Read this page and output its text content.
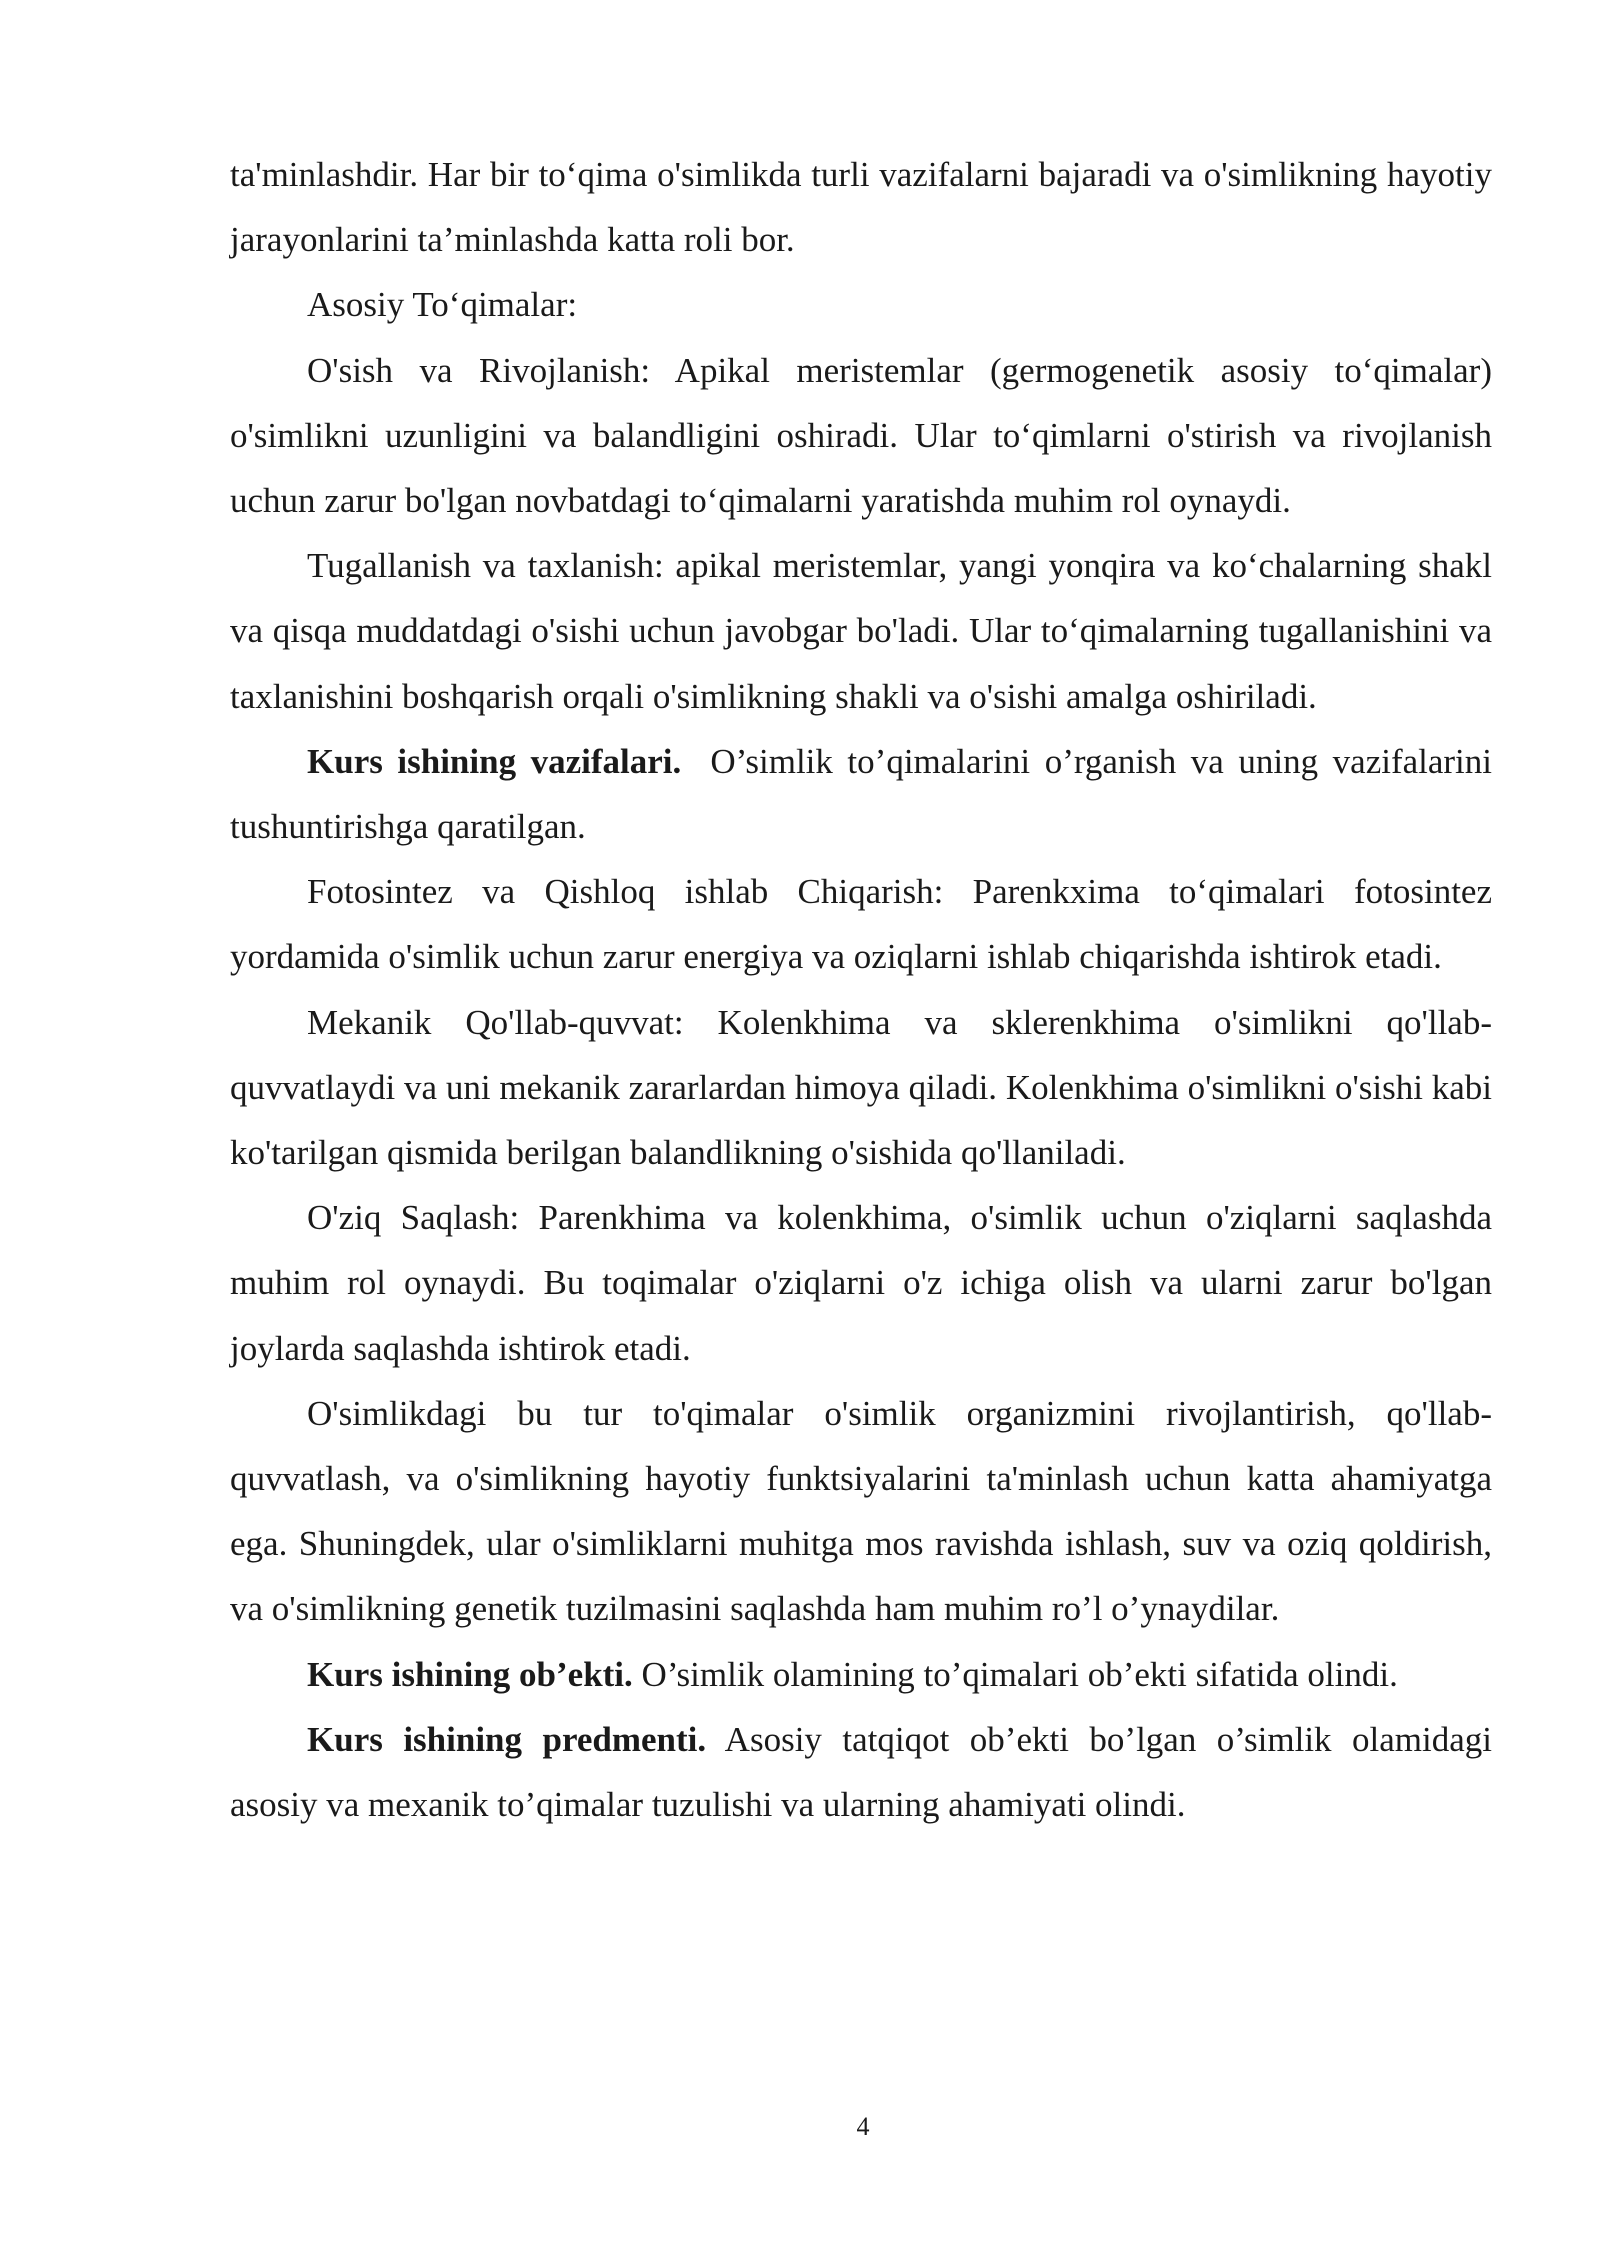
ta'minlashdir. Har bir to‘qima o'simlikda turli vazifalarni bajaradi va o'simlikning hayotiy jarayonlarini ta’minlashda katta roli bor.

Asosiy To‘qimalar:

O'sish va Rivojlanish: Apikal meristemlar (germogenetik asosiy to‘qimalar) o'simlikni uzunligini va balandligini oshiradi. Ular to‘qimlarni o'stirish va rivojlanish uchun zarur bo'lgan novbatdagi to‘qimalarni yaratishda muhim rol oynaydi.

Tugallanish va taxlanish: apikal meristemlar, yangi yonqira va ko‘chalarning shakl va qisqa muddatdagi o'sishi uchun javobgar bo'ladi. Ular to‘qimalarning tugallanishini va taxlanishini boshqarish orqali o'simlikning shakli va o'sishi amalga oshiriladi.

Kurs ishining vazifalari.  O’simlik to’qimalarini o’rganish va uning vazifalarini tushuntirishga qaratilgan.

Fotosintez va Qishloq ishlab Chiqarish: Parenkxima to‘qimalari fotosintez yordamida o'simlik uchun zarur energiya va oziqlarni ishlab chiqarishda ishtirok etadi.

Mekanik Qo'llab-quvvat: Kolenkhima va sklerenkhima o'simlikni qo'llab-quvvatlaydi va uni mekanik zararlardan himoya qiladi. Kolenkhima o'simlikni o'sishi kabi ko'tarilgan qismida berilgan balandlikning o'sishida qo'llaniladi.

O'ziq Saqlash: Parenkhima va kolenkhima, o'simlik uchun o'ziqlarni saqlashda muhim rol oynaydi. Bu toqimalar o'ziqlarni o'z ichiga olish va ularni zarur bo'lgan joylarda saqlashda ishtirok etadi.

O'simlikdagi bu tur to'qimalar o'simlik organizmini rivojlantirish, qo'llab-quvvatlash, va o'simlikning hayotiy funktsiyalarini ta'minlash uchun katta ahamiyatga ega. Shuningdek, ular o'simliklarni muhitga mos ravishda ishlash, suv va oziq qoldirish, va o'simlikning genetik tuzilmasini saqlashda ham muhim ro’l o’ynaydilar.

Kurs ishining ob’ekti. O’simlik olamining to’qimalari ob’ekti sifatida olindi.

Kurs ishining predmenti. Asosiy tatqiqot ob’ekti bo’lgan o’simlik olamidagi asosiy va mexanik to’qimalar tuzulishi va ularning ahamiyati olindi.

4
